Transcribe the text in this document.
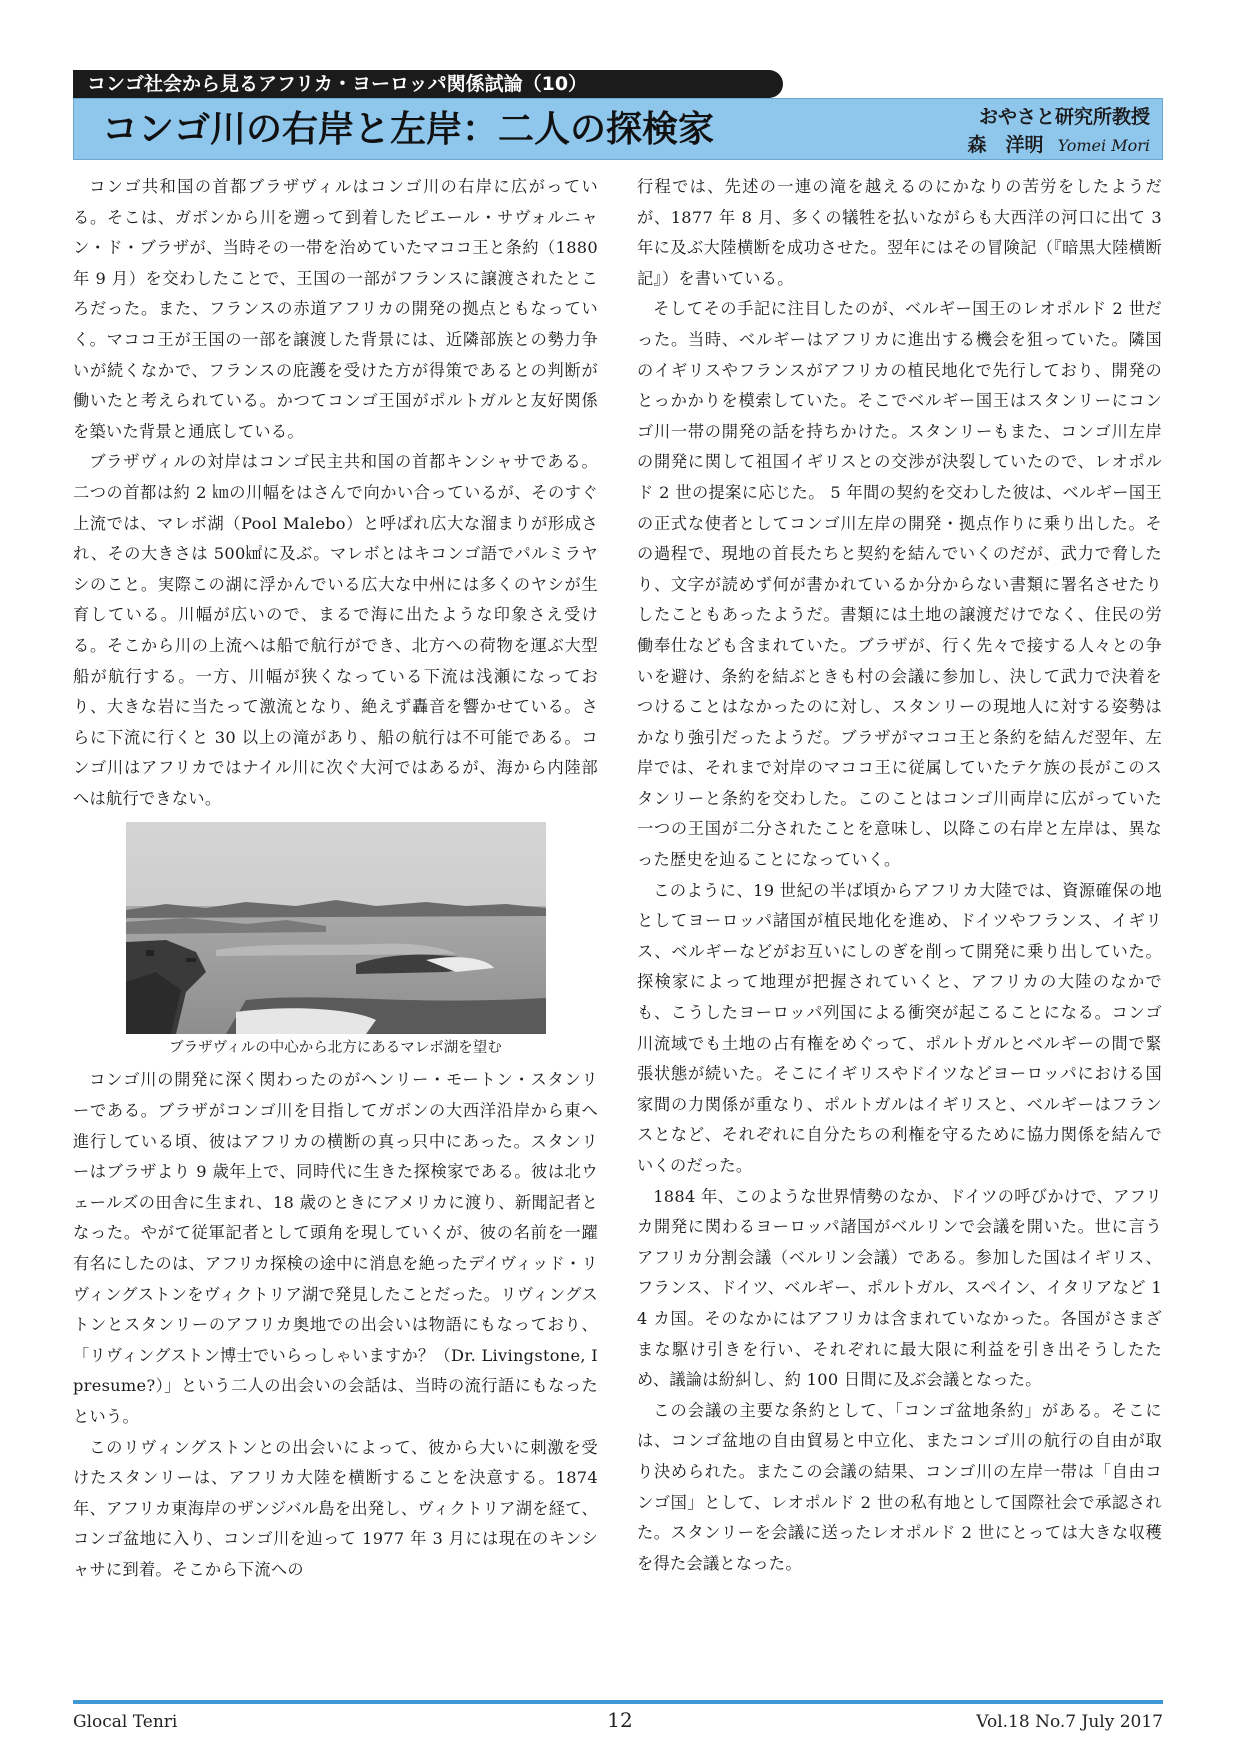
コンゴ社会から見るアフリカ・ヨーロッパ関係試論（10）
コンゴ川の右岸と左岸：二人の探検家	おやさと研究所教授
森　洋明 Yomei Mori

コンゴ共和国の首都ブラザヴィルはコンゴ川の右岸に広がっている。そこは、ガボンから川を遡って到着したピエール・サヴォルニャン・ド・ブラザが、当時その一帯を治めていたマココ王と条約（1880 年 9 月）を交わしたことで、王国の一部がフランスに譲渡されたところだった。また、フランスの赤道アフリカの開発の拠点ともなっていく。マココ王が王国の一部を譲渡した背景には、近隣部族との勢力争いが続くなかで、フランスの庇護を受けた方が得策であるとの判断が働いたと考えられている。かつてコンゴ王国がポルトガルと友好関係を築いた背景と通底している。

ブラザヴィルの対岸はコンゴ民主共和国の首都キンシャサである。二つの首都は約 2 ㎞の川幅をはさんで向かい合っているが、そのすぐ上流では、マレボ湖（Pool Malebo）と呼ばれ広大な溜まりが形成され、その大きさは 500㎢に及ぶ。マレボとはキコンゴ語でパルミラヤシのこと。実際この湖に浮かんでいる広大な中州には多くのヤシが生育している。川幅が広いので、まるで海に出たような印象さえ受ける。そこから川の上流へは船で航行ができ、北方への荷物を運ぶ大型船が航行する。一方、川幅が狭くなっている下流は浅瀬になっており、大きな岩に当たって激流となり、絶えず轟音を響かせている。さらに下流に行くと 30 以上の滝があり、船の航行は不可能である。コンゴ川はアフリカではナイル川に次ぐ大河ではあるが、海から内陸部へは航行できない。

ブラザヴィルの中心から北方にあるマレボ湖を望む

コンゴ川の開発に深く関わったのがヘンリー・モートン・スタンリーである。ブラザがコンゴ川を目指してガボンの大西洋沿岸から東へ進行している頃、彼はアフリカの横断の真っ只中にあった。スタンリーはブラザより 9 歳年上で、同時代に生きた探検家である。彼は北ウェールズの田舎に生まれ、18 歳のときにアメリカに渡り、新聞記者となった。やがて従軍記者として頭角を現していくが、彼の名前を一躍有名にしたのは、アフリカ探検の途中に消息を絶ったデイヴィッド・リヴィングストンをヴィクトリア湖で発見したことだった。リヴィングストンとスタンリーのアフリカ奥地での出会いは物語にもなっており、「リヴィングストン博士でいらっしゃいますか？（Dr. Livingstone, I presume?）」という二人の出会いの会話は、当時の流行語にもなったという。

このリヴィングストンとの出会いによって、彼から大いに刺激を受けたスタンリーは、アフリカ大陸を横断することを決意する。1874 年、アフリカ東海岸のザンジバル島を出発し、ヴィクトリア湖を経て、コンゴ盆地に入り、コンゴ川を辿って 1977 年 3 月には現在のキンシャサに到着。そこから下流への

行程では、先述の一連の滝を越えるのにかなりの苦労をしたようだが、1877 年 8 月、多くの犠牲を払いながらも大西洋の河口に出て 3 年に及ぶ大陸横断を成功させた。翌年にはその冒険記（『暗黒大陸横断記』）を書いている。

そしてその手記に注目したのが、ベルギー国王のレオポルド 2 世だった。当時、ベルギーはアフリカに進出する機会を狙っていた。隣国のイギリスやフランスがアフリカの植民地化で先行しており、開発のとっかかりを模索していた。そこでベルギー国王はスタンリーにコンゴ川一帯の開発の話を持ちかけた。スタンリーもまた、コンゴ川左岸の開発に関して祖国イギリスとの交渉が決裂していたので、レオポルド 2 世の提案に応じた。 5 年間の契約を交わした彼は、ベルギー国王の正式な使者としてコンゴ川左岸の開発・拠点作りに乗り出した。その過程で、現地の首長たちと契約を結んでいくのだが、武力で脅したり、文字が読めず何が書かれているか分からない書類に署名させたりしたこともあったようだ。書類には土地の譲渡だけでなく、住民の労働奉仕なども含まれていた。ブラザが、行く先々で接する人々との争いを避け、条約を結ぶときも村の会議に参加し、決して武力で決着をつけることはなかったのに対し、スタンリーの現地人に対する姿勢はかなり強引だったようだ。ブラザがマココ王と条約を結んだ翌年、左岸では、それまで対岸のマココ王に従属していたテケ族の長がこのスタンリーと条約を交わした。このことはコンゴ川両岸に広がっていた一つの王国が二分されたことを意味し、以降この右岸と左岸は、異なった歴史を辿ることになっていく。

このように、19 世紀の半ば頃からアフリカ大陸では、資源確保の地としてヨーロッパ諸国が植民地化を進め、ドイツやフランス、イギリス、ベルギーなどがお互いにしのぎを削って開発に乗り出していた。探検家によって地理が把握されていくと、アフリカの大陸のなかでも、こうしたヨーロッパ列国による衝突が起こることになる。コンゴ川流域でも土地の占有権をめぐって、ポルトガルとベルギーの間で緊張状態が続いた。そこにイギリスやドイツなどヨーロッパにおける国家間の力関係が重なり、ポルトガルはイギリスと、ベルギーはフランスとなど、それぞれに自分たちの利権を守るために協力関係を結んでいくのだった。

1884 年、このような世界情勢のなか、ドイツの呼びかけで、アフリカ開発に関わるヨーロッパ諸国がベルリンで会議を開いた。世に言うアフリカ分割会議（ベルリン会議）である。参加した国はイギリス、フランス、ドイツ、ベルギー、ポルトガル、スペイン、イタリアなど 14 カ国。そのなかにはアフリカは含まれていなかった。各国がさまざまな駆け引きを行い、それぞれに最大限に利益を引き出そうしたため、議論は紛糾し、約 100 日間に及ぶ会議となった。

この会議の主要な条約として、「コンゴ盆地条約」がある。そこには、コンゴ盆地の自由貿易と中立化、またコンゴ川の航行の自由が取り決められた。またこの会議の結果、コンゴ川の左岸一帯は「自由コンゴ国」として、レオポルド 2 世の私有地として国際社会で承認された。スタンリーを会議に送ったレオポルド 2 世にとっては大きな収穫を得た会議となった。

Glocal Tenri	12	Vol.18 No.7 July 2017
